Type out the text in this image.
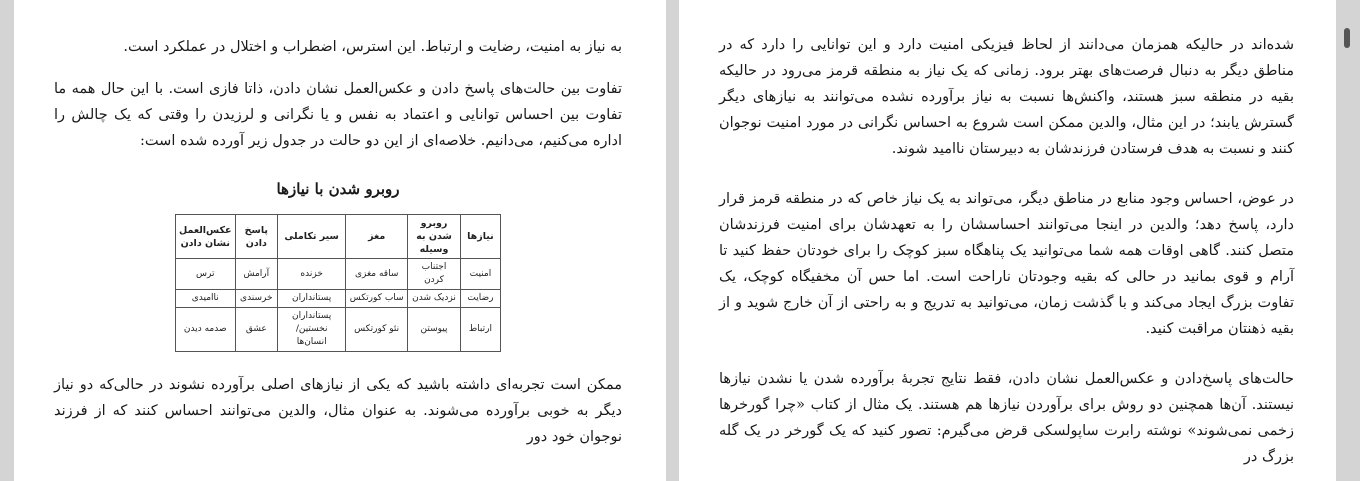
به نیاز به امنیت، رضایت و ارتباط. این استرس، اضطراب و اختلال در عملکرد است.

تفاوت بین حالت‌های پاسخ دادن و عکس‌العمل نشان دادن، ذاتا فازی است. با این حال همه ما تفاوت بین احساس توانایی و اعتماد به نفس و یا نگرانی و لرزیدن را وقتی که یک چالش را اداره می‌کنیم، می‌دانیم. خلاصه‌ای از این دو حالت در جدول زیر آورده شده است:

روبرو شدن با نیازها
نیازها	روبرو شدن به وسیله	مغز	سیر تکاملی	پاسخ دادن	عکس‌العمل نشان دادن
امنیت	اجتناب کردن	ساقه مغزی	خزنده	آرامش	ترس
رضایت	نزدیک شدن	ساب کورتکس	پستانداران	خرسندی	ناامیدی
ارتباط	پیوستن	نئو کورتکس	پستانداران نخستین/ انسان‌ها	عشق	صدمه دیدن

ممکن است تجربه‌ای داشته باشید که یکی از نیازهای اصلی برآورده نشوند در حالی‌که دو نیاز دیگر به خوبی برآورده می‌شوند. به عنوان مثال، والدین می‌توانند احساس کنند که از فرزند نوجوان خود دور

شده‌اند در حالیکه همزمان می‌دانند از لحاظ فیزیکی امنیت دارد و این توانایی را دارد که در مناطق دیگر به دنبال فرصت‌های بهتر برود. زمانی که یک نیاز به منطقه قرمز می‌رود در حالیکه بقیه در منطقه سبز هستند، واکنش‌ها نسبت به نیاز برآورده نشده می‌توانند به نیازهای دیگر گسترش یابند؛ در این مثال، والدین ممکن است شروع به احساس نگرانی در مورد امنیت نوجوان کنند و نسبت به هدف فرستادن فرزندشان به دبیرستان ناامید شوند.

در عوض، احساس وجود منابع در مناطق دیگر، می‌تواند به یک نیاز خاص که در منطقه قرمز قرار دارد، پاسخ دهد؛ والدین در اینجا می‌توانند احساسشان را به تعهدشان برای امنیت فرزندشان متصل کنند. گاهی اوقات همه شما می‌توانید یک پناهگاه سبز کوچک را برای خودتان حفظ کنید تا آرام و قوی بمانید در حالی که بقیه وجودتان ناراحت است. اما حس آن مخفیگاه کوچک، یک تفاوت بزرگ ایجاد می‌کند و با گذشت زمان، می‌توانید به تدریج و به راحتی از آن خارج شوید و از بقیه ذهنتان مراقبت کنید.

حالت‌های پاسخ‌دادن و عکس‌العمل نشان دادن، فقط نتایج تجربهٔ برآورده شدن یا نشدن نیازها نیستند. آن‌ها همچنین دو روش برای برآوردن نیازها هم هستند. یک مثال از کتاب «چرا گورخرها زخمی نمی‌شوند» نوشته رابرت ساپولسکی قرض می‌گیرم: تصور کنید که یک گورخر در یک گله بزرگ در
